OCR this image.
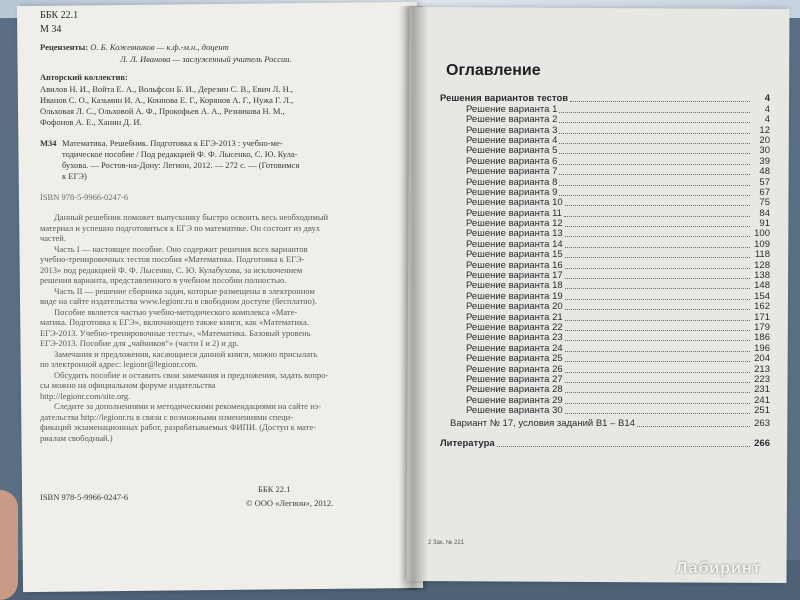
ББК 22.1
М 34
Рецензенты: О. Б. Кожевников — к.ф.-м.н., доцент
Л. Л. Иванова — заслуженный учитель России.
Авторский коллектив:
Авилов Н. И., Войта Е. А., Вольфсон Б. И., Дерезин С. В., Евич Л. Н.,
Иванов С. О., Казьмин И. А., Коннова Е. Г., Корянов А. Г., Нужа Г. Л.,
Ольховая Л. С., Ольховой А. Ф., Прокофьев А. А., Резникова Н. М.,
Фофонов А. Е., Ханин Д. И.
М34 Математика. Решебник. Подготовка к ЕГЭ-2013 : учебно-ме-
тодическое пособие / Под редакцией Ф. Ф. Лысенко, С. Ю. Кула-
бухова. — Ростов-на-Дону: Легион, 2012. — 272 с. — (Готовимся
к ЕГЭ)
ISBN 978-5-9966-0247-6
Данный решебник поможет выпускнику быстро освоить весь необходимый
материал и успешно подготовиться к ЕГЭ по математике. Он состоит из двух
частей.
Часть I — настоящее пособие. Оно содержит решения всех вариантов
учебно-тренировочных тестов пособия «Математика. Подготовка к ЕГЭ-
2013» под редакцией Ф. Ф. Лысенко, С. Ю. Кулабухова, за исключением
решения варианта, представленного в учебном пособии полностью.
Часть II — решение сборника задач, которые размещены в электронном
виде на сайте издательства www.legionr.ru в свободном доступе (бесплатно).
Пособие является частью учебно-методического комплекса «Мате-
матика. Подготовка к ЕГЭ», включающего также книги, как «Математика.
ЕГЭ-2013. Учебно-тренировочные тесты», «Математика. Базовый уровень
ЕГЭ-2013. Пособие для „чайников“» (части I и 2) и др.
Замечания и предложения, касающиеся данной книги, можно присылать
по электронной адрес: legionr@legionr.com.
Обсудить пособие и оставить свои замечания и предложения, задать вопро-
сы можно на официальном форуме издательства
http://legionr.com/site.org.
Следите за дополнениями и методическими рекомендациями на сайте из-
дательства http://legionr.ru в связи с возможными изменениями специ-
фикаций экзаменационных работ, разрабатываемых ФИПИ. (Доступ к мате-
риалам свободный.)
ISBN 978-5-9966-0247-6
ББК 22.1
© ООО «Легион», 2012.
Оглавление
Решения вариантов тестов	4
Решение варианта 1	4
Решение варианта 2	4
Решение варианта 3	12
Решение варианта 4	20
Решение варианта 5	30
Решение варианта 6	39
Решение варианта 7	48
Решение варианта 8	57
Решение варианта 9	67
Решение варианта 10	75
Решение варианта 11	84
Решение варианта 12	91
Решение варианта 13	100
Решение варианта 14	109
Решение варианта 15	118
Решение варианта 16	128
Решение варианта 17	138
Решение варианта 18	148
Решение варианта 19	154
Решение варианта 20	162
Решение варианта 21	171
Решение варианта 22	179
Решение варианта 23	186
Решение варианта 24	196
Решение варианта 25	204
Решение варианта 26	213
Решение варианта 27	223
Решение варианта 28	231
Решение варианта 29	241
Решение варианта 30	251
Вариант № 17, условия заданий В1 – В14	263
Литература	266
2 Зак. № 221
Лабиринт
